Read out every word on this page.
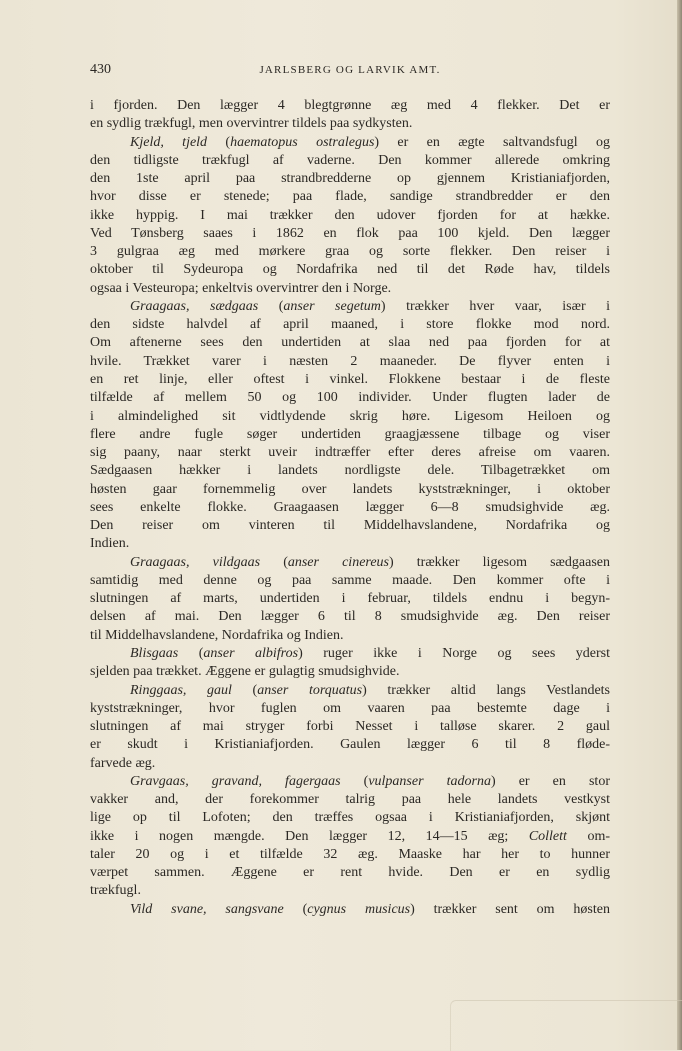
430	JARLSBERG OG LARVIK AMT.
i fjorden. Den lægger 4 blegtgrønne æg med 4 flekker. Det er
en sydlig trækfugl, men overvintrer tildels paa sydkysten.
Kjeld, tjeld (haematopus ostralegus) er en ægte saltvandsfugl og
den tidligste trækfugl af vaderne. Den kommer allerede omkring
den 1ste april paa strandbredderne op gjennem Kristianiafjorden,
hvor disse er stenede; paa flade, sandige strandbredder er den
ikke hyppig. I mai trækker den udover fjorden for at hække.
Ved Tønsberg saaes i 1862 en flok paa 100 kjeld. Den lægger
3 gulgraa æg med mørkere graa og sorte flekker. Den reiser i
oktober til Sydeuropa og Nordafrika ned til det Røde hav, tildels
ogsaa i Vesteuropa; enkeltvis overvintrer den i Norge.
Graagaas, sædgaas (anser segetum) trækker hver vaar, især i
den sidste halvdel af april maaned, i store flokke mod nord.
Om aftenerne sees den undertiden at slaa ned paa fjorden for at
hvile. Trækket varer i næsten 2 maaneder. De flyver enten i
en ret linje, eller oftest i vinkel. Flokkene bestaar i de fleste
tilfælde af mellem 50 og 100 individer. Under flugten lader de
i almindelighed sit vidtlydende skrig høre. Ligesom Heiloen og
flere andre fugle søger undertiden graagjæssene tilbage og viser
sig paany, naar sterkt uveir indtræffer efter deres afreise om vaaren.
Sædgaasen hækker i landets nordligste dele. Tilbagetrækket om
høsten gaar fornemmelig over landets kyststrækninger, i oktober
sees enkelte flokke. Graagaasen lægger 6—8 smudsighvide æg.
Den reiser om vinteren til Middelhavslandene, Nordafrika og
Indien.
Graagaas, vildgaas (anser cinereus) trækker ligesom sædgaasen
samtidig med denne og paa samme maade. Den kommer ofte i
slutningen af marts, undertiden i februar, tildels endnu i begyn-
delsen af mai. Den lægger 6 til 8 smudsighvide æg. Den reiser
til Middelhavslandene, Nordafrika og Indien.
Blisgaas (anser albifros) ruger ikke i Norge og sees yderst
sjelden paa trækket. Æggene er gulagtig smudsighvide.
Ringgaas, gaul (anser torquatus) trækker altid langs Vestlandets
kyststrækninger, hvor fuglen om vaaren paa bestemte dage i
slutningen af mai stryger forbi Nesset i talløse skarer. 2 gaul
er skudt i Kristianiafjorden. Gaulen lægger 6 til 8 fløde-
farvede æg.
Gravgaas, gravand, fagergaas (vulpanser tadorna) er en stor
vakker and, der forekommer talrig paa hele landets vestkyst
lige op til Lofoten; den træffes ogsaa i Kristianiafjorden, skjønt
ikke i nogen mængde. Den lægger 12, 14—15 æg; Collett om-
taler 20 og i et tilfælde 32 æg. Maaske har her to hunner
værpet sammen. Æggene er rent hvide. Den er en sydlig
trækfugl.
Vild svane, sangsvane (cygnus musicus) trækker sent om høsten
